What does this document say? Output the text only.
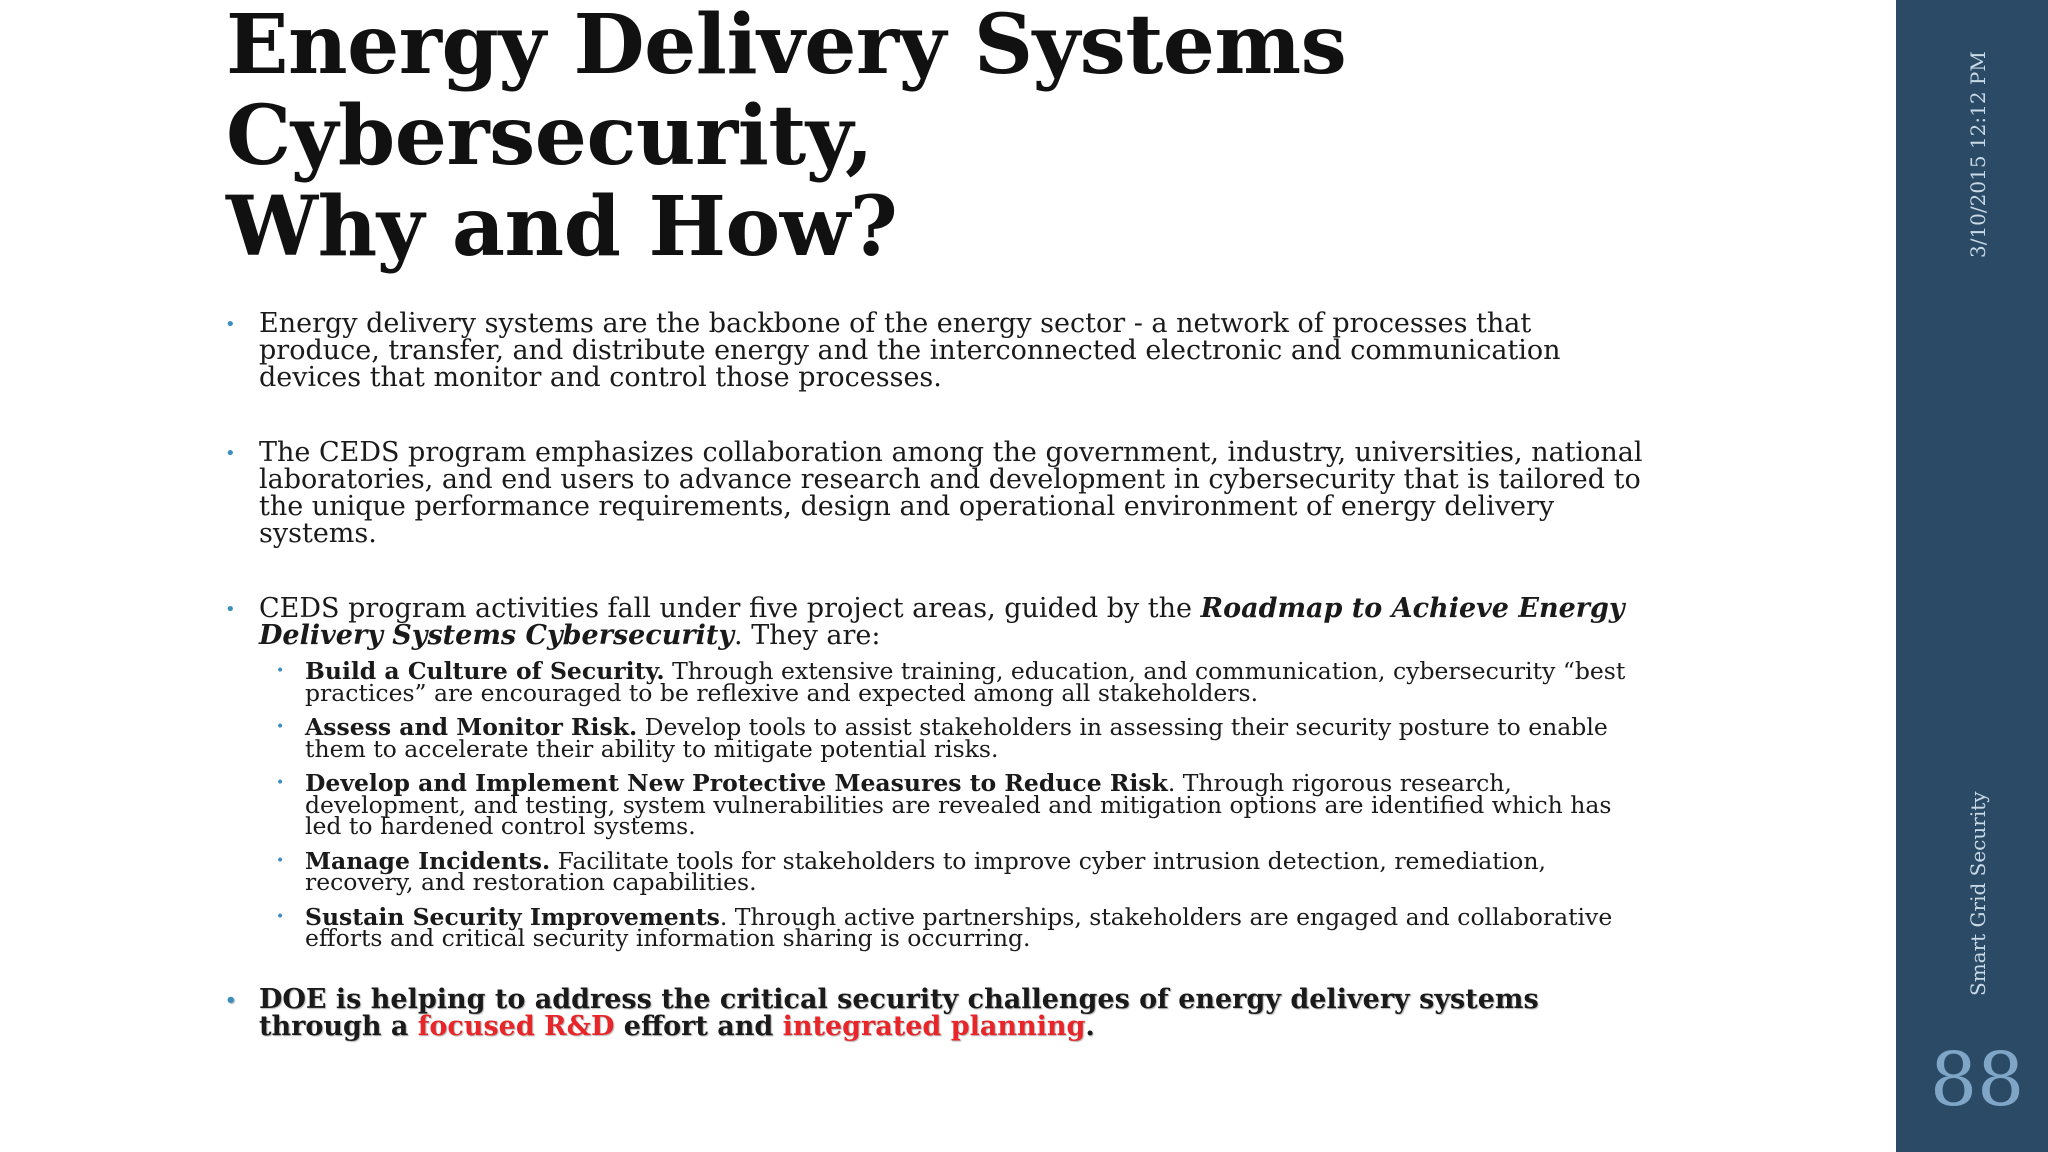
Energy Delivery Systems
Cybersecurity,
Why and How?

• Energy delivery systems are the backbone of the energy sector - a network of processes that produce, transfer, and distribute energy and the interconnected electronic and communication devices that monitor and control those processes.

• The CEDS program emphasizes collaboration among the government, industry, universities, national laboratories, and end users to advance research and development in cybersecurity that is tailored to the unique performance requirements, design and operational environment of energy delivery systems.

• CEDS program activities fall under five project areas, guided by the Roadmap to Achieve Energy Delivery Systems Cybersecurity. They are:

• Build a Culture of Security. Through extensive training, education, and communication, cybersecurity “best practices” are encouraged to be reflexive and expected among all stakeholders.
• Assess and Monitor Risk. Develop tools to assist stakeholders in assessing their security posture to enable them to accelerate their ability to mitigate potential risks.
• Develop and Implement New Protective Measures to Reduce Risk. Through rigorous research, development, and testing, system vulnerabilities are revealed and mitigation options are identified which has led to hardened control systems.
• Manage Incidents. Facilitate tools for stakeholders to improve cyber intrusion detection, remediation, recovery, and restoration capabilities.
• Sustain Security Improvements. Through active partnerships, stakeholders are engaged and collaborative efforts and critical security information sharing is occurring.

• DOE is helping to address the critical security challenges of energy delivery systems through a focused R&D effort and integrated planning.

3/10/2015 12:12 PM
Smart Grid Security
88
